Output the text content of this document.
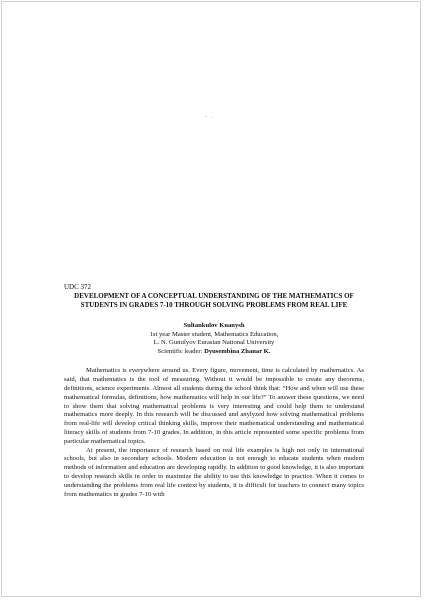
- .

UDC 372

DEVELOPMENT OF A CONCEPTUAL UNDERSTANDING OF THE MATHEMATICS OF STUDENTS IN GRADES 7-10 THROUGH SOLVING PROBLEMS FROM REAL LIFE

Sultankulov Kuanysh
1st year Master student, Mathematics Education,
L. N. Gumilyov Eurasian National University
Scientific leader: Dyusembina Zhanar K.

Mathematics is everywhere around us. Every figure, movement, time is calculated by mathematics. As said, that mathematics is the tool of measuring. Without it would be impossible to create any theorems, definitions, science experiments. Almost all students during the school think that: “How and when will use these mathematical formulas, definitions, how mathematics will help in our life?” To answer these questions, we need to show them that solving mathematical problems is very interesting and could help them to understand mathematics more deeply. In this research will be discussed and anylyzed how solving mathematical problems from real-life will develop critical thinking skills, improve their mathematical understanding and mathematical literacy skills of students from 7-10 grades. In addition, in this article represented some specific problems from particular mathematical topics.

At present, the importance of research based on real life examples is high not only in international schools, but also in secondary schools. Modern education is not enough to educate students when modern methods of information and education are developing rapidly. In addition to good knowledge, it is also important to develop research skills in order to maximize the ability to use this knowledge in practice. When it comes to understanding the problems from real life context by students, it is difficult for teachers to connect many topics from mathematics in grades 7-10 with
